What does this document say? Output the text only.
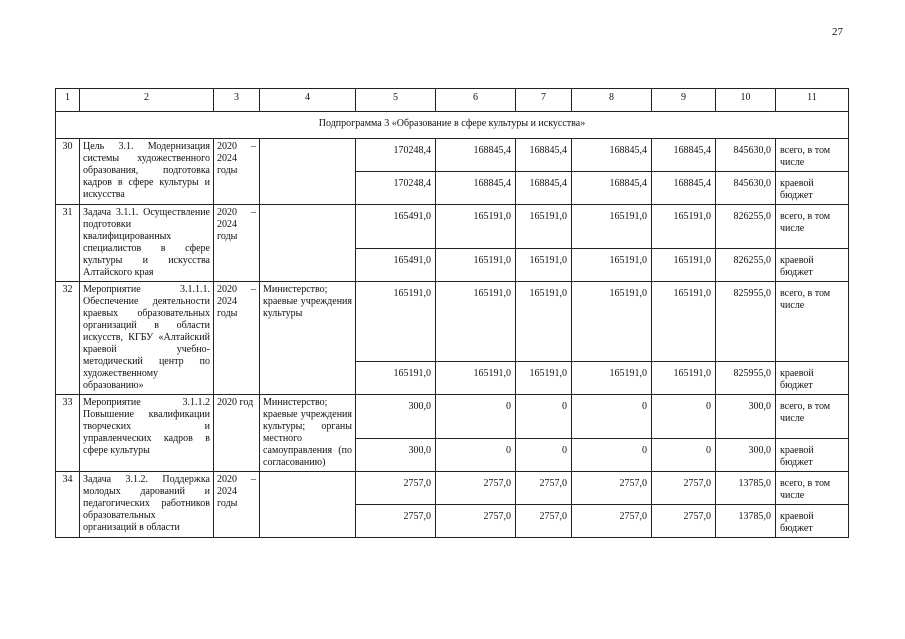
27
1	2	3	4	5	6	7	8	9	10	11
Подпрограмма 3 «Образование в сфере культуры и искусства»										
30	Цель 3.1. Модернизация системы художественного образования, подготовка кадров в сфере культуры и искусства	2020 – 2024 годы		170248,4	168845,4	168845,4	168845,4	168845,4	845630,0	всего, в том числе
				170248,4	168845,4	168845,4	168845,4	168845,4	845630,0	краевой бюджет
31	Задача 3.1.1. Осуществление подготовки квалифицированных специалистов в сфере культуры и искусства Алтайского края	2020 – 2024 годы		165491,0	165191,0	165191,0	165191,0	165191,0	826255,0	всего, в том числе
				165491,0	165191,0	165191,0	165191,0	165191,0	826255,0	краевой бюджет
32	Мероприятие 3.1.1.1. Обеспечение деятельности краевых образовательных организаций в области искусств, КГБУ «Алтайский краевой учебно-методический центр по художественному образованию»	2020 – 2024 годы	Министерство; краевые учреждения культуры	165191,0	165191,0	165191,0	165191,0	165191,0	825955,0	всего, в том числе
				165191,0	165191,0	165191,0	165191,0	165191,0	825955,0	краевой бюджет
33	Мероприятие 3.1.1.2 Повышение квалификации творческих и управленческих кадров в сфере культуры	2020 год	Министерство; краевые учреждения культуры; органы местного самоуправления (по согласованию)	300,0	0	0	0	0	300,0	всего, в том числе
				300,0	0	0	0	0	300,0	краевой бюджет
34	Задача 3.1.2. Поддержка молодых дарований и педагогических работников образовательных организаций в области	2020 – 2024 годы		2757,0	2757,0	2757,0	2757,0	2757,0	13785,0	всего, в том числе
				2757,0	2757,0	2757,0	2757,0	2757,0	13785,0	краевой бюджет
